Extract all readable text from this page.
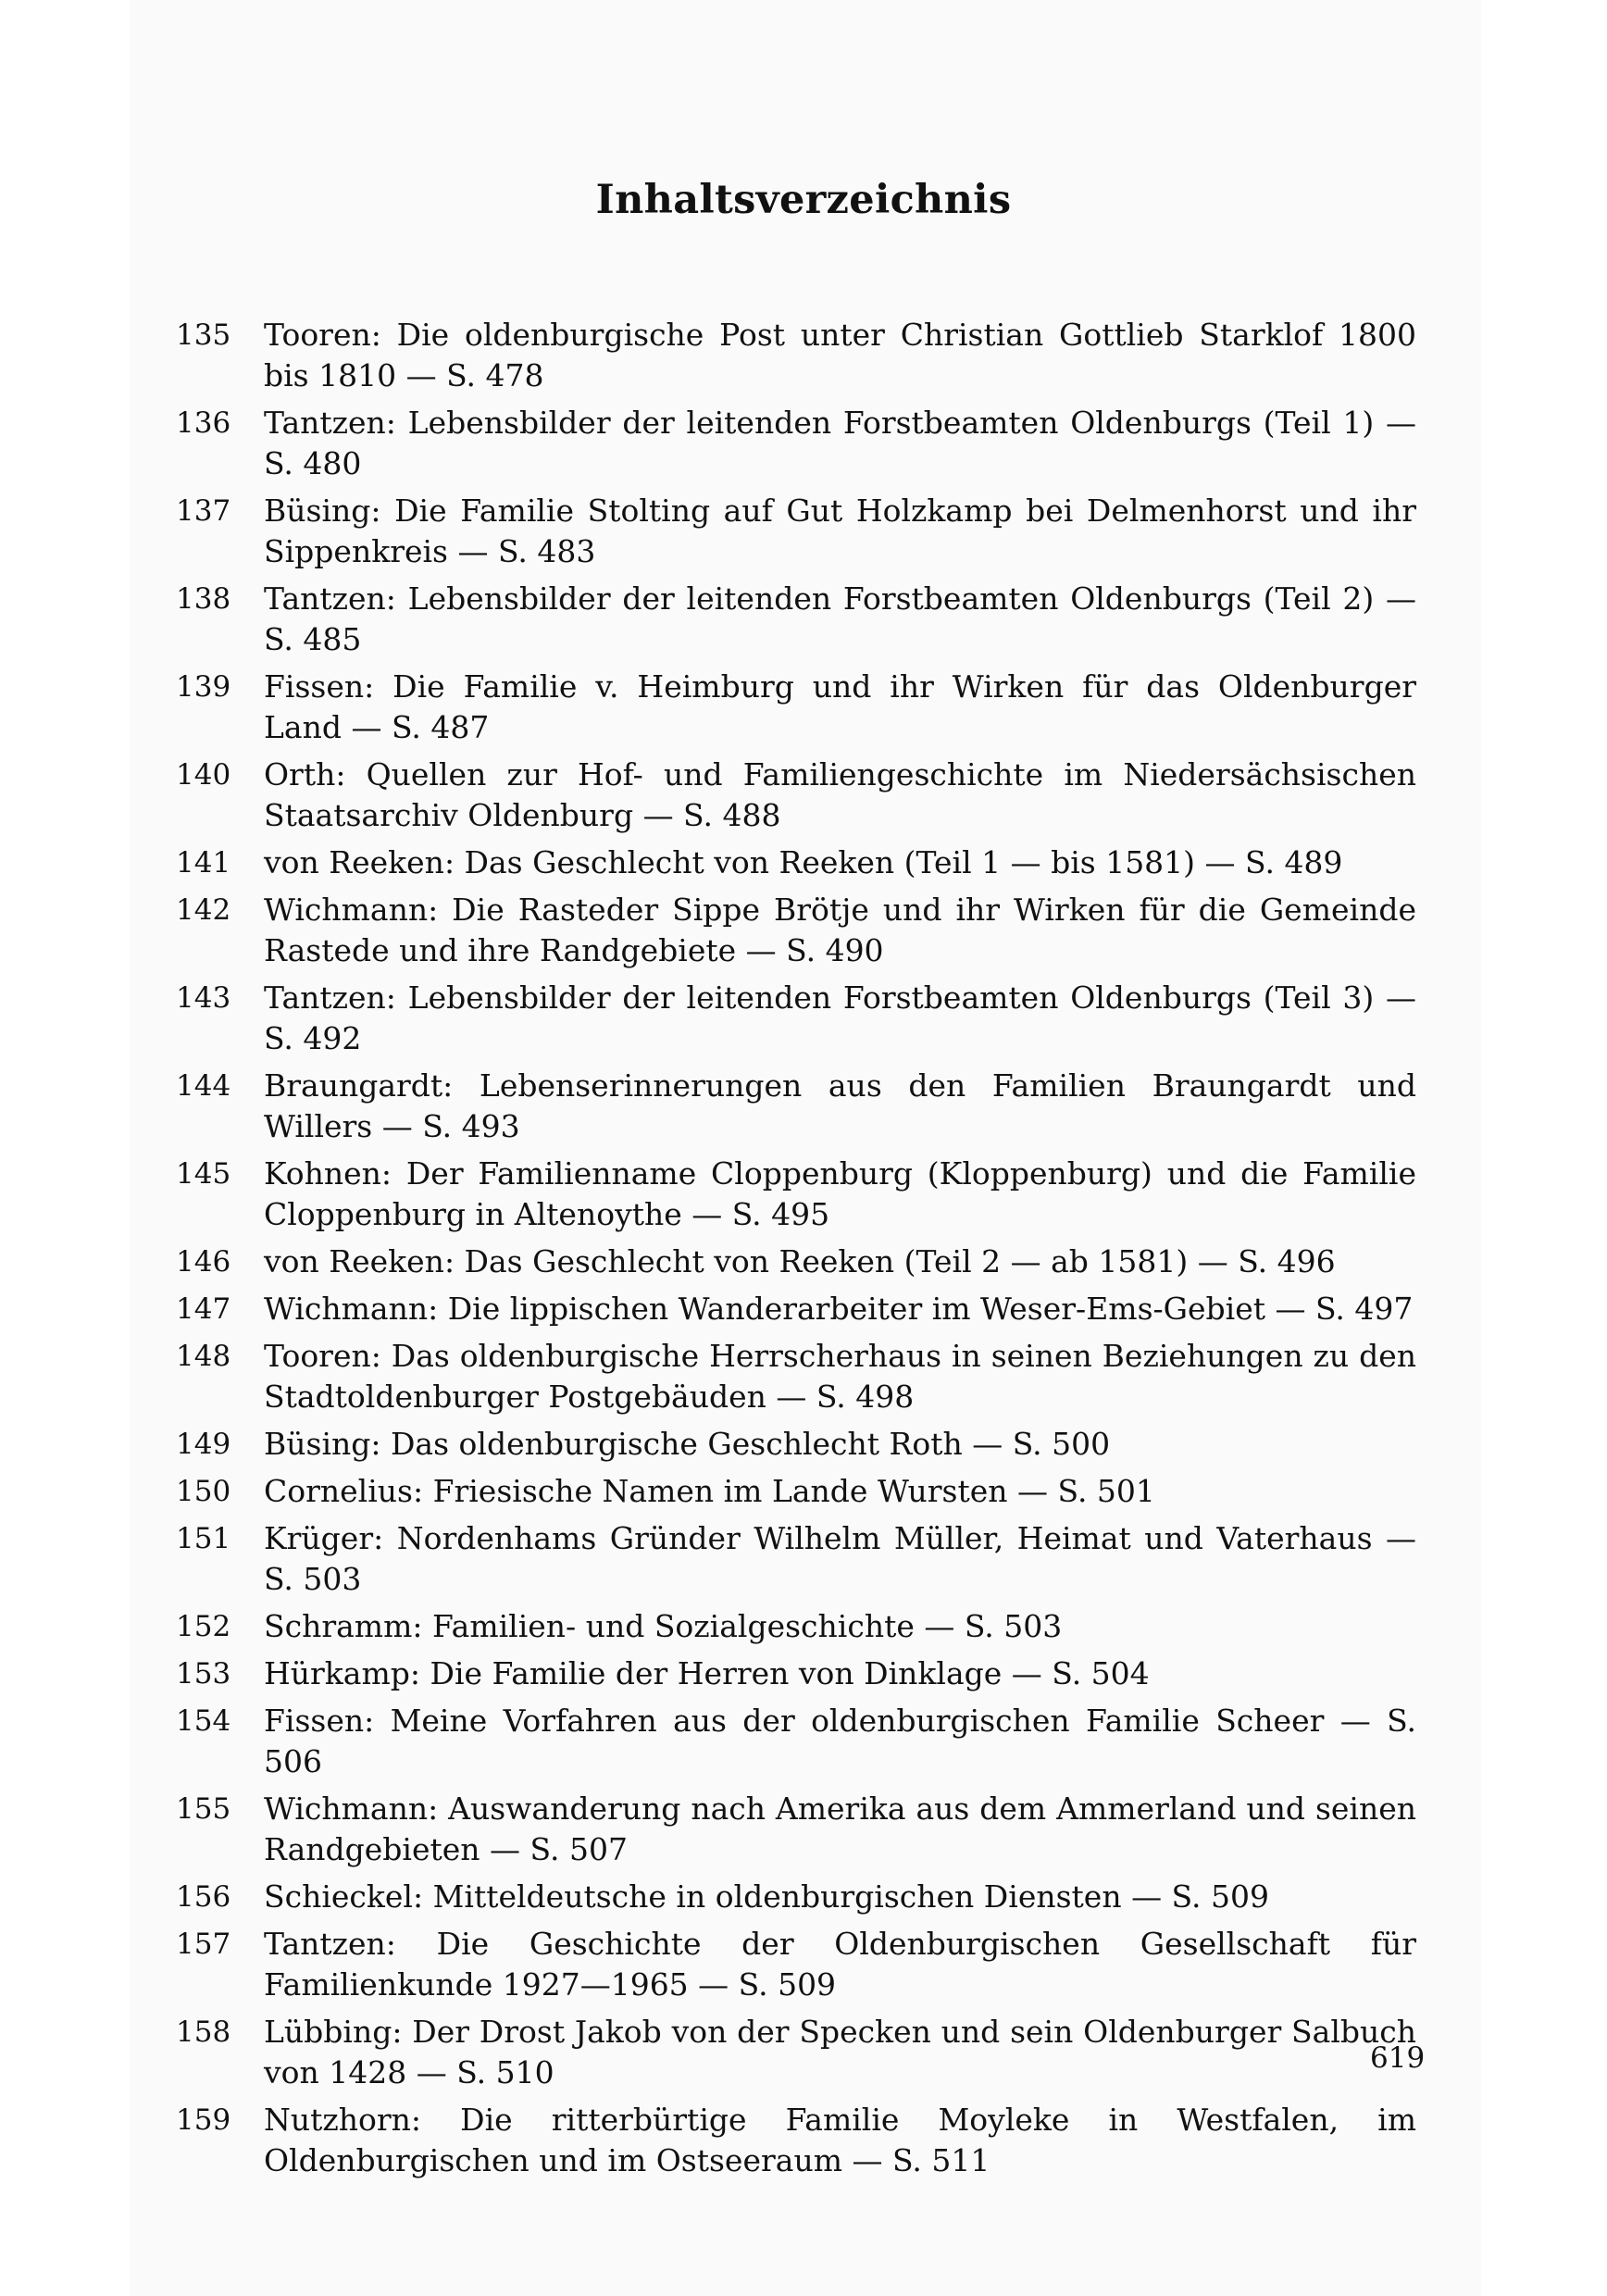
Inhaltsverzeichnis
135	Tooren: Die oldenburgische Post unter Christian Gottlieb Starklof 1800 bis 1810 — S. 478
136	Tantzen: Lebensbilder der leitenden Forstbeamten Oldenburgs (Teil 1) — S. 480
137	Büsing: Die Familie Stolting auf Gut Holzkamp bei Delmenhorst und ihr Sippenkreis — S. 483
138	Tantzen: Lebensbilder der leitenden Forstbeamten Oldenburgs (Teil 2) — S. 485
139	Fissen: Die Familie v. Heimburg und ihr Wirken für das Oldenburger Land — S. 487
140	Orth: Quellen zur Hof- und Familiengeschichte im Niedersächsischen Staatsarchiv Oldenburg — S. 488
141	von Reeken: Das Geschlecht von Reeken (Teil 1 — bis 1581) — S. 489
142	Wichmann: Die Rasteder Sippe Brötje und ihr Wirken für die Gemeinde Rastede und ihre Randgebiete — S. 490
143	Tantzen: Lebensbilder der leitenden Forstbeamten Oldenburgs (Teil 3) — S. 492
144	Braungardt: Lebenserinnerungen aus den Familien Braungardt und Willers — S. 493
145	Kohnen: Der Familienname Cloppenburg (Kloppenburg) und die Familie Cloppenburg in Altenoythe — S. 495
146	von Reeken: Das Geschlecht von Reeken (Teil 2 — ab 1581) — S. 496
147	Wichmann: Die lippischen Wanderarbeiter im Weser-Ems-Gebiet — S. 497
148	Tooren: Das oldenburgische Herrscherhaus in seinen Beziehungen zu den Stadtoldenburger Postgebäuden — S. 498
149	Büsing: Das oldenburgische Geschlecht Roth — S. 500
150	Cornelius: Friesische Namen im Lande Wursten — S. 501
151	Krüger: Nordenhams Gründer Wilhelm Müller, Heimat und Vaterhaus — S. 503
152	Schramm: Familien- und Sozialgeschichte — S. 503
153	Hürkamp: Die Familie der Herren von Dinklage — S. 504
154	Fissen: Meine Vorfahren aus der oldenburgischen Familie Scheer — S. 506
155	Wichmann: Auswanderung nach Amerika aus dem Ammerland und seinen Randgebieten — S. 507
156	Schieckel: Mitteldeutsche in oldenburgischen Diensten — S. 509
157	Tantzen: Die Geschichte der Oldenburgischen Gesellschaft für Familienkunde 1927—1965 — S. 509
158	Lübbing: Der Drost Jakob von der Specken und sein Oldenburger Salbuch von 1428 — S. 510
159	Nutzhorn: Die ritterbürtige Familie Moyleke in Westfalen, im Oldenburgischen und im Ostseeraum — S. 511
619
